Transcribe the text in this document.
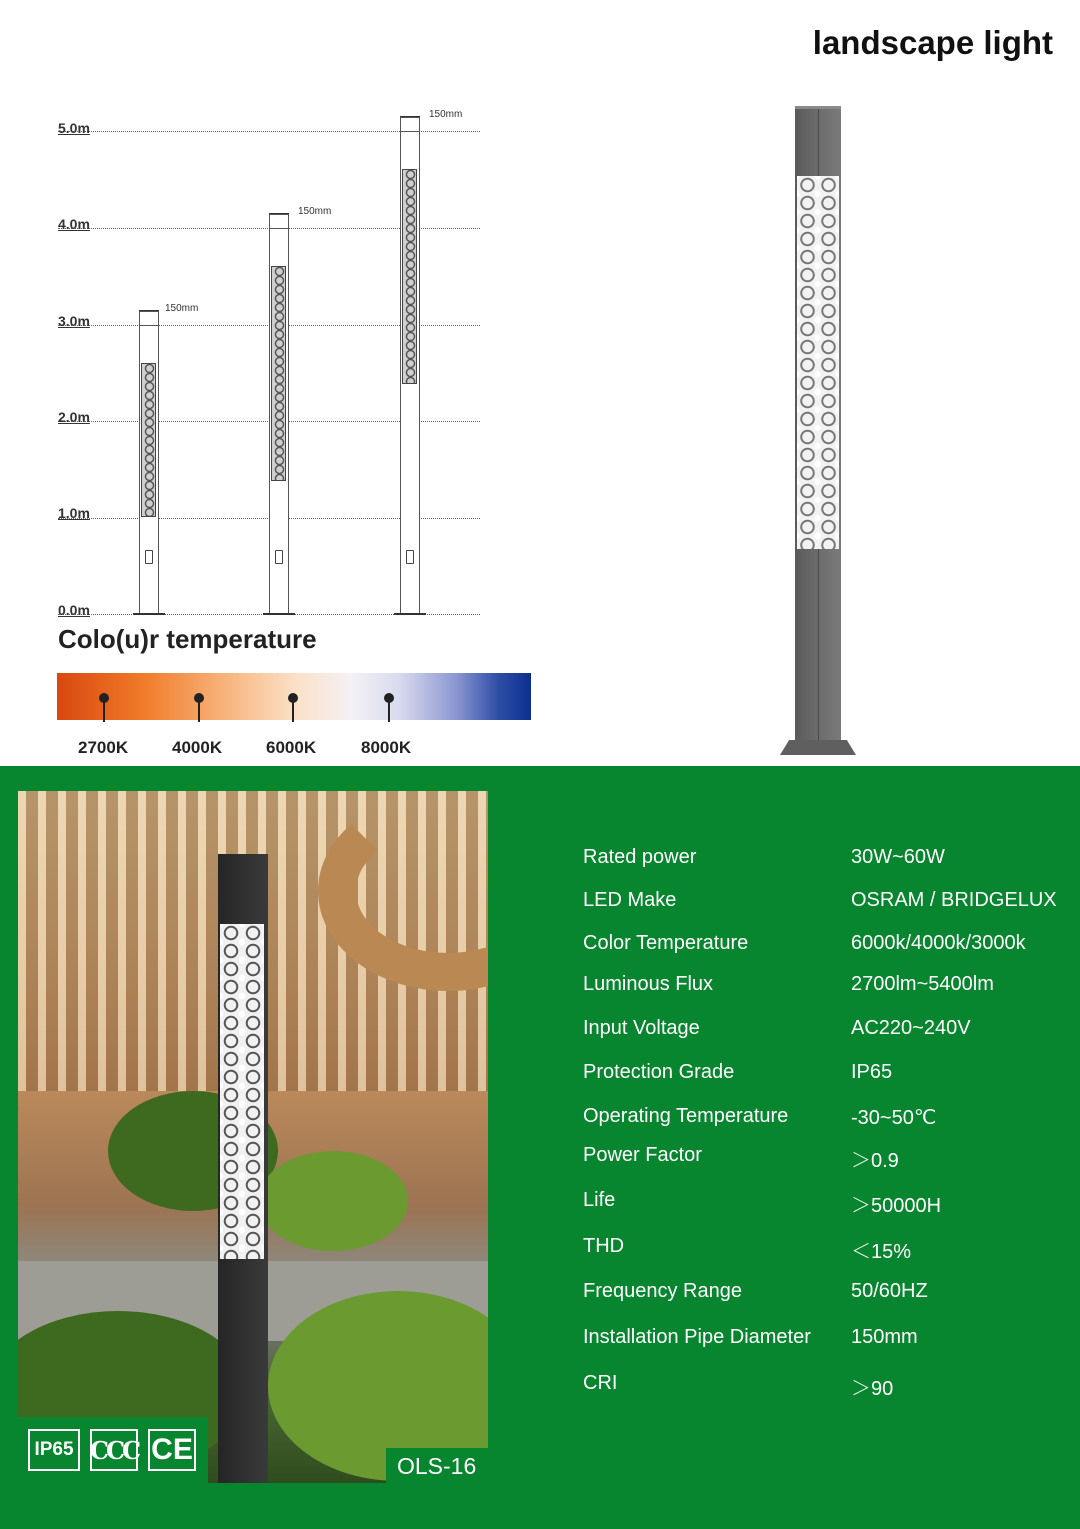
landscape light
5.0m
4.0m
3.0m
2.0m
1.0m
0.0m
150mm
150mm
150mm
Colo(u)r temperature
2700K	4000K	6000K	8000K
IP65 CCC CE	OLS-16
Rated power	30W~60W
LED Make	OSRAM / BRIDGELUX
Color Temperature	6000k/4000k/3000k
Luminous Flux	2700lm~5400lm
Input Voltage	AC220~240V
Protection Grade	IP65
Operating Temperature	-30~50℃
Power Factor	＞0.9
Life	＞50000H
THD	＜15%
Frequency Range	50/60HZ
Installation Pipe Diameter 150mm
CRI	＞90
